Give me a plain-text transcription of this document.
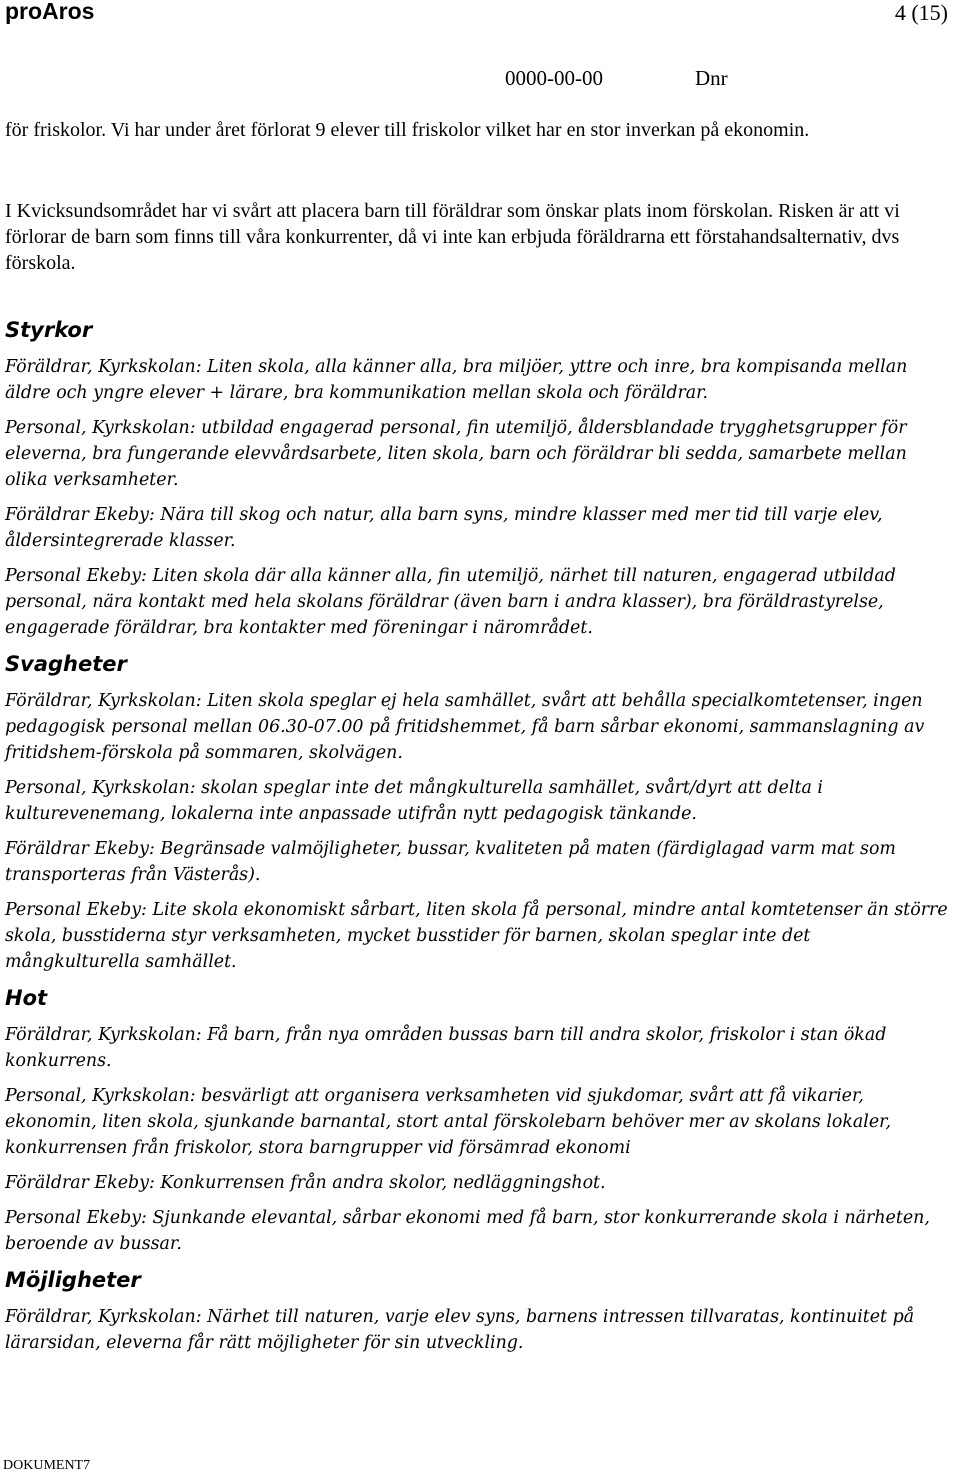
proAros	4 (15)
0000-00-00	Dnr

för friskolor. Vi har under året förlorat 9 elever till friskolor vilket har en stor inverkan på ekonomin.

I Kvicksundsområdet har vi svårt att placera barn till föräldrar som önskar plats inom förskolan. Risken är att vi förlorar de barn som finns till våra konkurrenter, då vi inte kan erbjuda föräldrarna ett förstahandsalternativ, dvs förskola.

Styrkor

Föräldrar, Kyrkskolan: Liten skola, alla känner alla, bra miljöer, yttre och inre, bra kompisanda mellan äldre och yngre elever + lärare, bra kommunikation mellan skola och föräldrar.

Personal, Kyrkskolan: utbildad engagerad personal, fin utemiljö, åldersblandade trygghetsgrupper för eleverna, bra fungerande elevvårdsarbete, liten skola, barn och föräldrar bli sedda, samarbete mellan olika verksamheter.

Föräldrar Ekeby: Nära till skog och natur, alla barn syns, mindre klasser med mer tid till varje elev, åldersintegrerade klasser.

Personal Ekeby: Liten skola där alla känner alla, fin utemiljö, närhet till naturen, engagerad utbildad personal, nära kontakt med hela skolans föräldrar (även barn i andra klasser), bra föräldrastyrelse, engagerade föräldrar, bra kontakter med föreningar i närområdet.

Svagheter

Föräldrar, Kyrkskolan: Liten skola speglar ej hela samhället, svårt att behålla specialkomtetenser, ingen pedagogisk personal mellan 06.30-07.00 på fritidshemmet, få barn sårbar ekonomi, sammanslagning av fritidshem-förskola på sommaren, skolvägen.

Personal, Kyrkskolan: skolan speglar inte det mångkulturella samhället, svårt/dyrt att delta i kulturevenemang, lokalerna inte anpassade utifrån nytt pedagogisk tänkande.

Föräldrar Ekeby: Begränsade valmöjligheter, bussar, kvaliteten på maten (färdiglagad varm mat som transporteras från Västerås).

Personal Ekeby: Lite skola ekonomiskt sårbart, liten skola få personal, mindre antal komtetenser än större skola, busstiderna styr verksamheten, mycket busstider för barnen, skolan speglar inte det mångkulturella samhället.

Hot

Föräldrar, Kyrkskolan: Få barn, från nya områden bussas barn till andra skolor, friskolor i stan ökad konkurrens.

Personal, Kyrkskolan: besvärligt att organisera verksamheten vid sjukdomar, svårt att få vikarier, ekonomin, liten skola, sjunkande barnantal, stort antal förskolebarn behöver mer av skolans lokaler, konkurrensen från friskolor, stora barngrupper vid försämrad ekonomi

Föräldrar Ekeby: Konkurrensen från andra skolor, nedläggningshot.

Personal Ekeby: Sjunkande elevantal, sårbar ekonomi med få barn, stor konkurrerande skola i närheten, beroende av bussar.

Möjligheter

Föräldrar, Kyrkskolan: Närhet till naturen, varje elev syns, barnens intressen tillvaratas, kontinuitet på lärarsidan, eleverna får rätt möjligheter för sin utveckling.

DOKUMENT7
